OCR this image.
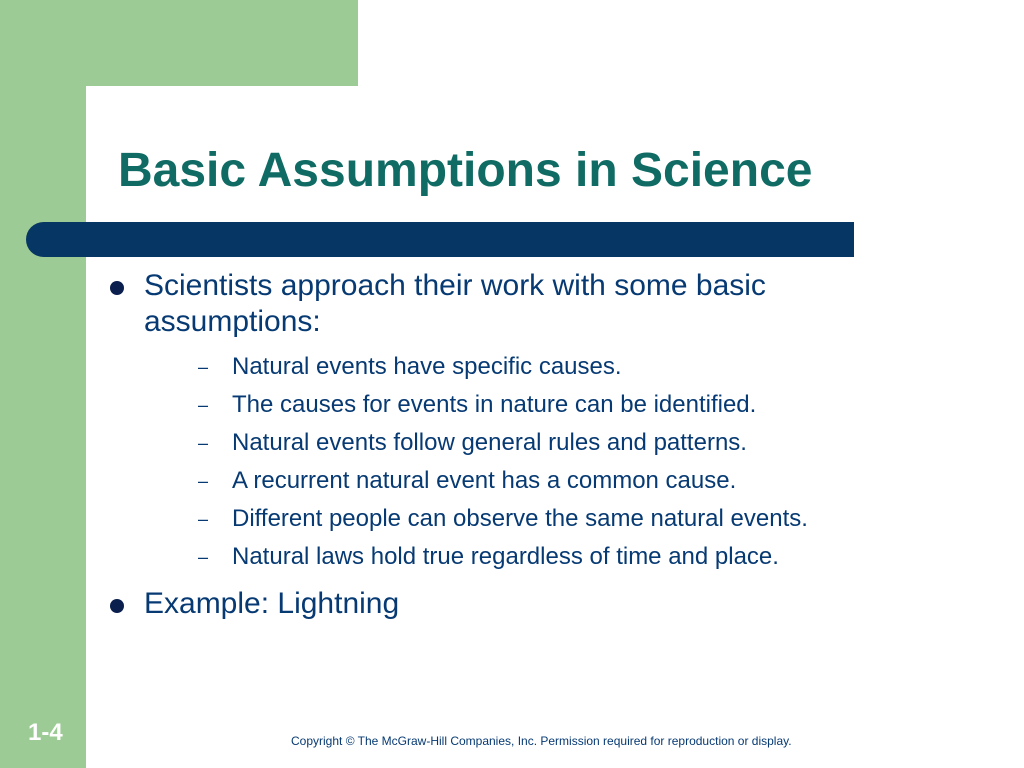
Basic Assumptions in Science
Scientists approach their work with some basic assumptions:
– Natural events have specific causes.
– The causes for events in nature can be identified.
– Natural events follow general rules and patterns.
– A recurrent natural event has a common cause.
– Different people can observe the same natural events.
– Natural laws hold true regardless of time and place.
Example: Lightning
1-4	Copyright © The McGraw-Hill Companies, Inc. Permission required for reproduction or display.
